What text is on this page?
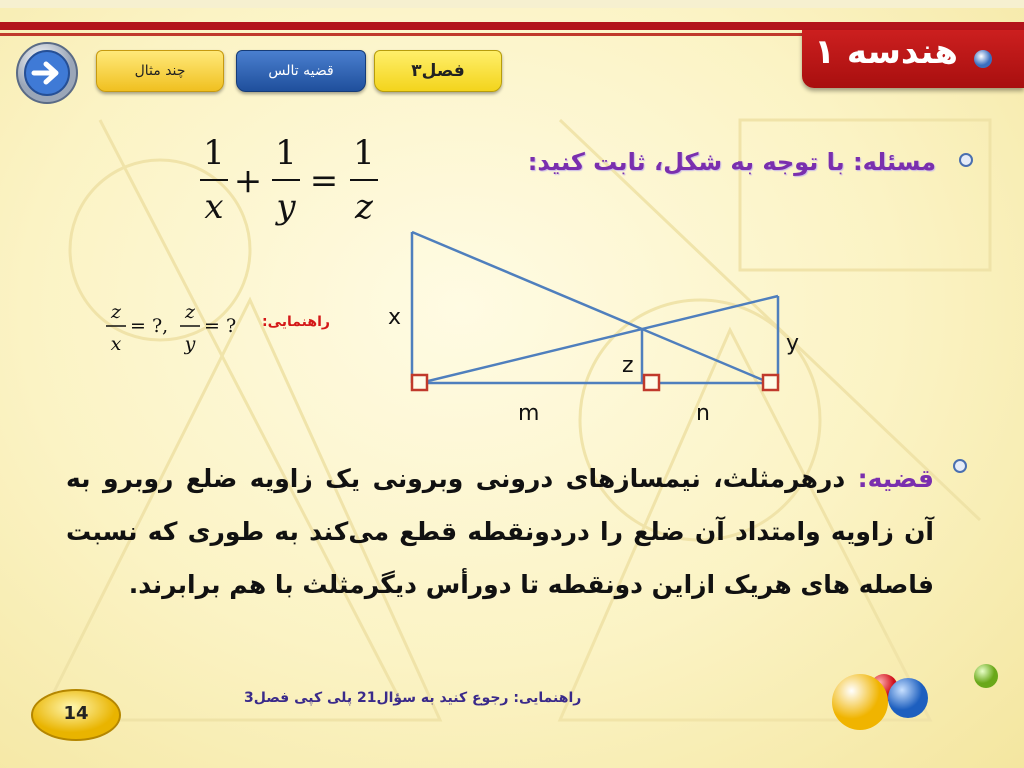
هندسه ۱
چند مثال	قضیه تالس	فصل۳
مسئله: با توجه به شکل، ثابت کنید:
1
x
+
1
y
=
1
z
z
x
= ?,
z
y
= ? راهنمایی:	x
y
z
m	n
قضیه: درهرمثلث، نیمسازهای درونی وبرونی یک زاویه ضلع روبرو به آن زاویه وامتداد آن ضلع را دردونقطه قطع می‌کند به طوری که نسبت فاصله های هریک ازاین دونقطه تا دورأس دیگرمثلث با هم برابرند.
راهنمایی: رجوع کنید به سؤال21 پلی کپی فصل3
14
